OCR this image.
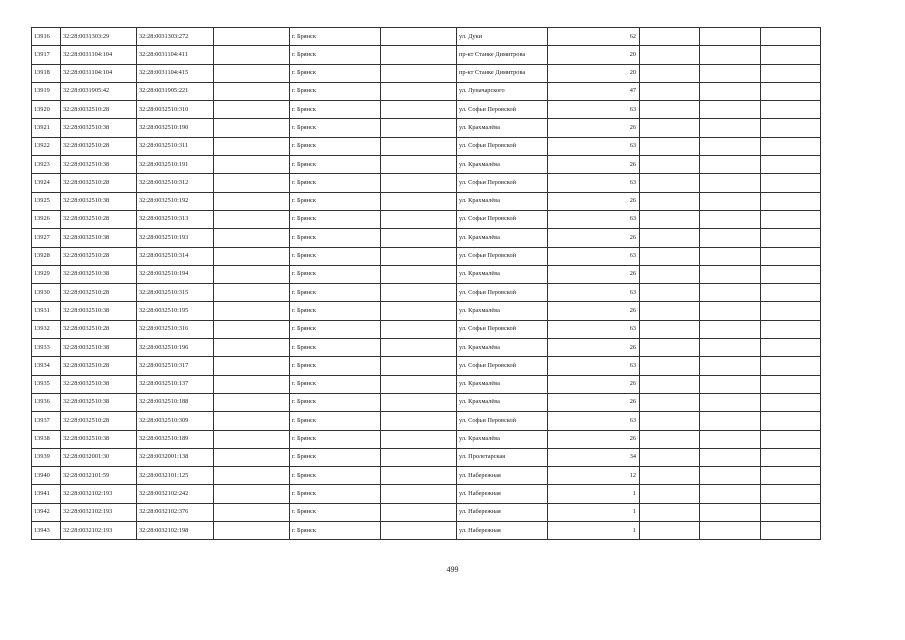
13916	32:28:0031303:29	32:28:0031303:272		г. Брянск		ул. Дуки	62			
13917	32:28:0031104:104	32:28:0031104:411		г. Брянск		пр-кт Станке Димитрова	20			
13918	32:28:0031104:104	32:28:0031104:415		г. Брянск		пр-кт Станке Димитрова	20			
13919	32:28:0031905:42	32:28:0031905:221		г. Брянск		ул. Луначарского	47			
13920	32:28:0032510:28	32:28:0032510:310		г. Брянск		ул. Софьи Перовской	63			
13921	32:28:0032510:38	32:28:0032510:190		г. Брянск		ул. Крахмалёва	26			
13922	32:28:0032510:28	32:28:0032510:311		г. Брянск		ул. Софьи Перовской	63			
13923	32:28:0032510:38	32:28:0032510:191		г. Брянск		ул. Крахмалёва	26			
13924	32:28:0032510:28	32:28:0032510:312		г. Брянск		ул. Софьи Перовской	63			
13925	32:28:0032510:38	32:28:0032510:192		г. Брянск		ул. Крахмалёва	26			
13926	32:28:0032510:28	32:28:0032510:313		г. Брянск		ул. Софьи Перовской	63			
13927	32:28:0032510:38	32:28:0032510:193		г. Брянск		ул. Крахмалёва	26			
13928	32:28:0032510:28	32:28:0032510:314		г. Брянск		ул. Софьи Перовской	63			
13929	32:28:0032510:38	32:28:0032510:194		г. Брянск		ул. Крахмалёва	26			
13930	32:28:0032510:28	32:28:0032510:315		г. Брянск		ул. Софьи Перовской	63			
13931	32:28:0032510:38	32:28:0032510:195		г. Брянск		ул. Крахмалёва	26			
13932	32:28:0032510:28	32:28:0032510:316		г. Брянск		ул. Софьи Перовской	63			
13933	32:28:0032510:38	32:28:0032510:196		г. Брянск		ул. Крахмалёва	26			
13934	32:28:0032510:28	32:28:0032510:317		г. Брянск		ул. Софьи Перовской	63			
13935	32:28:0032510:38	32:28:0032510:137		г. Брянск		ул. Крахмалёва	26			
13936	32:28:0032510:38	32:28:0032510:188		г. Брянск		ул. Крахмалёва	26			
13937	32:28:0032510:28	32:28:0032510:309		г. Брянск		ул. Софьи Перовской	63			
13938	32:28:0032510:38	32:28:0032510:189		г. Брянск		ул. Крахмалёва	26			
13939	32:28:0032001:30	32:28:0032001:138		г. Брянск		ул. Пролетарская	34			
13940	32:28:0032101:59	32:28:0032101:125		г. Брянск		ул. Набережная	12			
13941	32:28:0032102:193	32:28:0032102:242		г. Брянск		ул. Набережная	1			
13942	32:28:0032102:193	32:28:0032102:376		г. Брянск		ул. Набережная	1			
13943	32:28:0032102:193	32:28:0032102:198		г. Брянск		ул. Набережная	1			
499
